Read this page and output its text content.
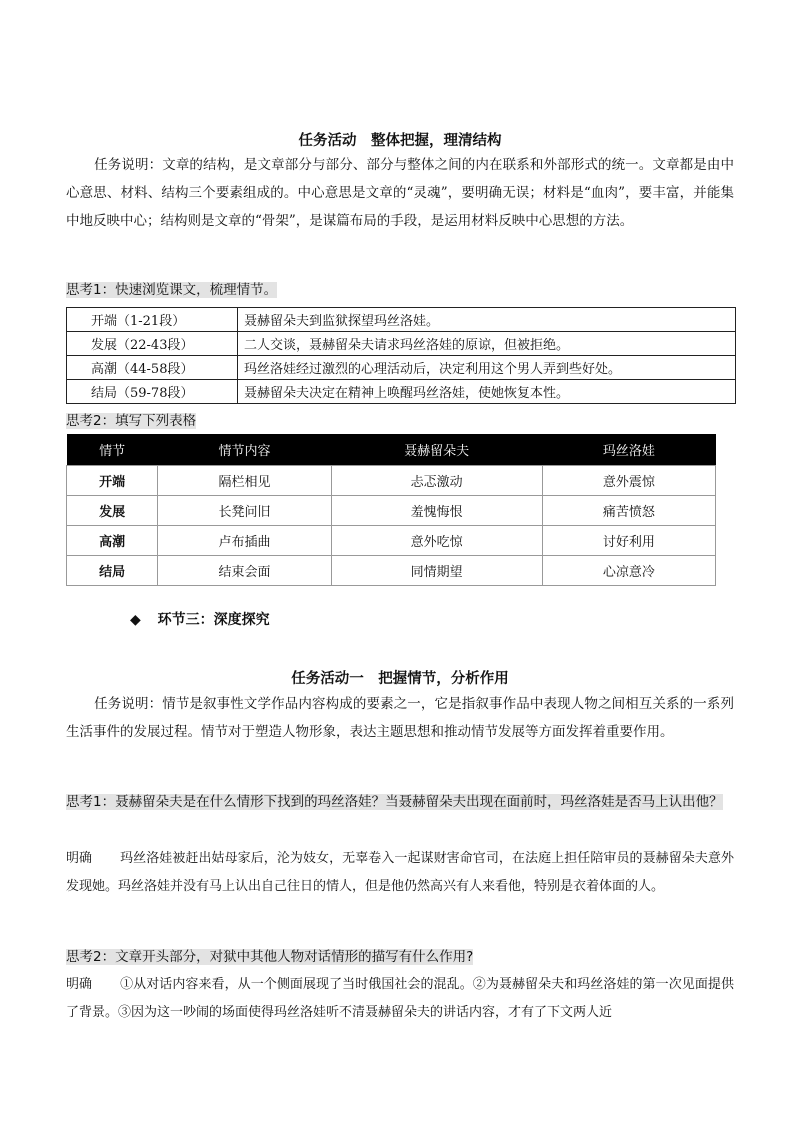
任务活动　整体把握，理清结构
任务说明：文章的结构，是文章部分与部分、部分与整体之间的内在联系和外部形式的统一。文章都是由中心意思、材料、结构三个要素组成的。中心意思是文章的“灵魂”，要明确无误；材料是“血肉”，要丰富，并能集中地反映中心；结构则是文章的“骨架”，是谋篇布局的手段，是运用材料反映中心思想的方法。
思考1：快速浏览课文，梳理情节。
开端（1-21段）	聂赫留朵夫到监狱探望玛丝洛娃。
发展（22-43段）	二人交谈，聂赫留朵夫请求玛丝洛娃的原谅，但被拒绝。
高潮（44-58段）	玛丝洛娃经过激烈的心理活动后，决定利用这个男人弄到些好处。
结局（59-78段）	聂赫留朵夫决定在精神上唤醒玛丝洛娃，使她恢复本性。
思考2：填写下列表格
情节	情节内容	聂赫留朵夫	玛丝洛娃
开端	隔栏相见	忐忑激动	意外震惊
发展	长凳问旧	羞愧悔恨	痛苦愤怒
高潮	卢布插曲	意外吃惊	讨好利用
结局	结束会面	同情期望	心凉意冷
◆ 环节三：深度探究
任务活动一　把握情节，分析作用
任务说明：情节是叙事性文学作品内容构成的要素之一，它是指叙事作品中表现人物之间相互关系的一系列生活事件的发展过程。情节对于塑造人物形象，表达主题思想和推动情节发展等方面发挥着重要作用。
思考1：聂赫留朵夫是在什么情形下找到的玛丝洛娃？当聂赫留朵夫出现在面前时，玛丝洛娃是否马上认出他？
明确 玛丝洛娃被赶出姑母家后，沦为妓女，无辜卷入一起谋财害命官司，在法庭上担任陪审员的聂赫留朵夫意外发现她。玛丝洛娃并没有马上认出自己往日的情人，但是他仍然高兴有人来看他，特别是衣着体面的人。
思考2：文章开头部分，对狱中其他人物对话情形的描写有什么作用?
明确 ①从对话内容来看，从一个侧面展现了当时俄国社会的混乱。②为聂赫留朵夫和玛丝洛娃的第一次见面提供了背景。③因为这一吵闹的场面使得玛丝洛娃听不清聂赫留朵夫的讲话内容，才有了下文两人近
